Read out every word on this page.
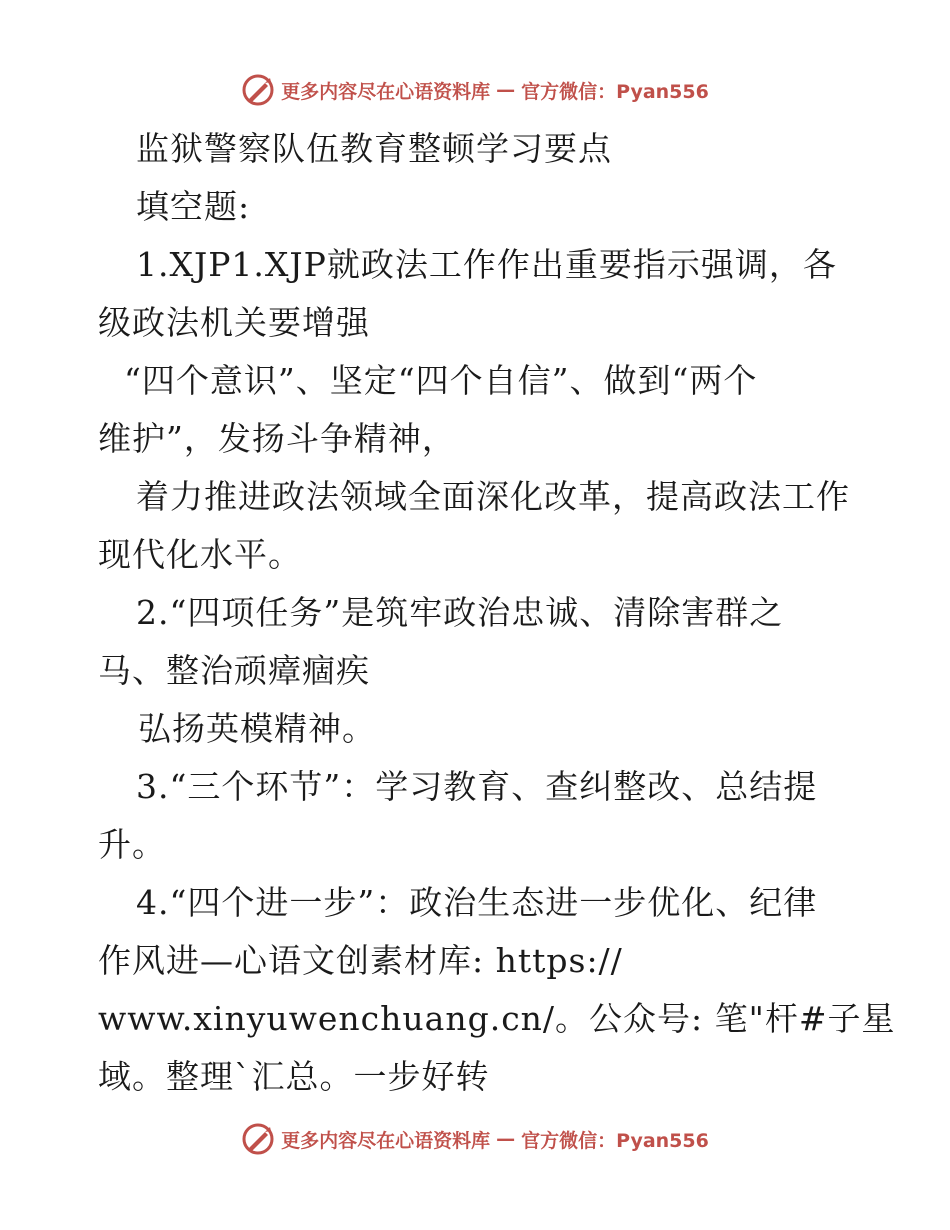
更多内容尽在心语资料库 — 官方微信：Pyan556
监狱警察队伍教育整顿学习要点
填空题:
1.XJP1.XJP就政法工作作出重要指示强调，各
级政法机关要增强
“四个意识”、坚定“四个自信”、做到“两个
维护”，发扬斗争精神，
着力推进政法领域全面深化改革，提高政法工作
现代化水平。
2.“四项任务”是筑牢政治忠诚、清除害群之
马、整治顽瘴痼疾
弘扬英模精神。
3.“三个环节”：学习教育、查纠整改、总结提
升。
4.“四个进一步”：政治生态进一步优化、纪律
作风进—心语文创素材库: https://
www.xinyuwenchuang.cn/。公众号: 笔"杆#子星
域。整理`汇总。一步好转
更多内容尽在心语资料库 — 官方微信：Pyan556
